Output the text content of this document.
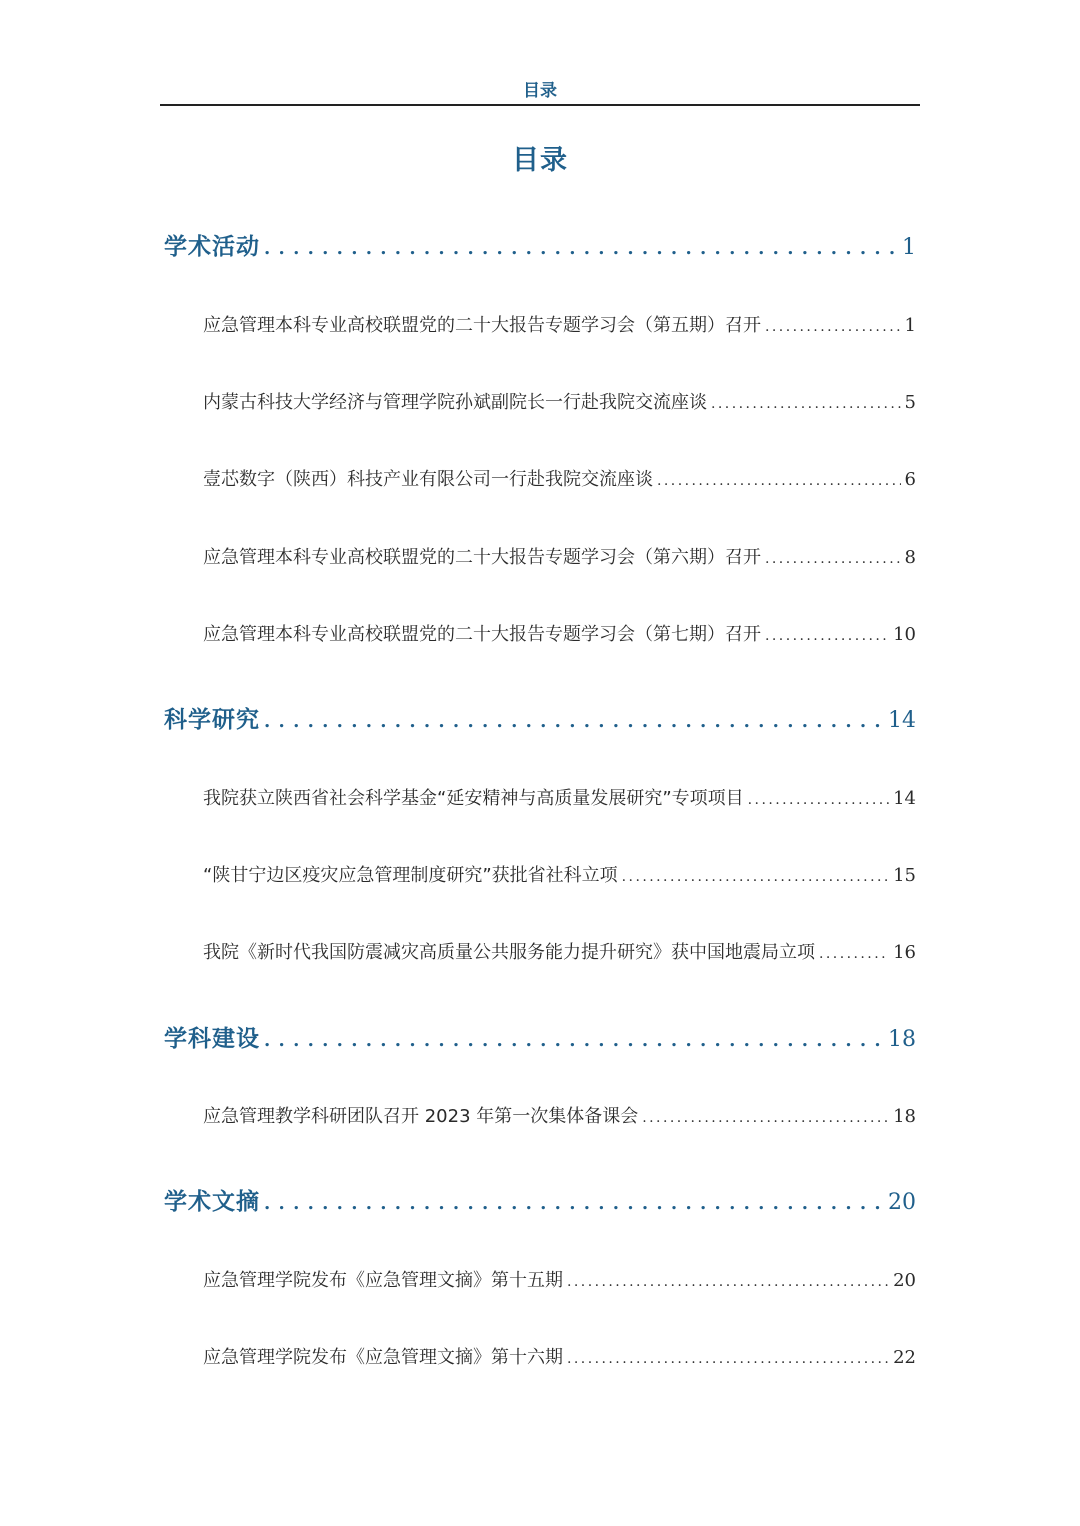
目录
目录
学术活动 . . .	1
应急管理本科专业高校联盟党的二十大报告专题学习会（第五期）召开 . . .	1
内蒙古科技大学经济与管理学院孙斌副院长一行赴我院交流座谈 . . .	5
壹芯数字（陕西）科技产业有限公司一行赴我院交流座谈 . . .	6
应急管理本科专业高校联盟党的二十大报告专题学习会（第六期）召开 . . .	8
应急管理本科专业高校联盟党的二十大报告专题学习会（第七期）召开 . . .	10
科学研究 . . .	14
我院获立陕西省社会科学基金“延安精神与高质量发展研究”专项项目 . . .	14
“陕甘宁边区疫灾应急管理制度研究”获批省社科立项 . . .	15
我院《新时代我国防震减灾高质量公共服务能力提升研究》获中国地震局立项 . . .	16
学科建设 . . .	18
应急管理教学科研团队召开 2023 年第一次集体备课会 . . .	18
学术文摘 . . .	20
应急管理学院发布《应急管理文摘》第十五期 . . .	20
应急管理学院发布《应急管理文摘》第十六期 . . .	22
